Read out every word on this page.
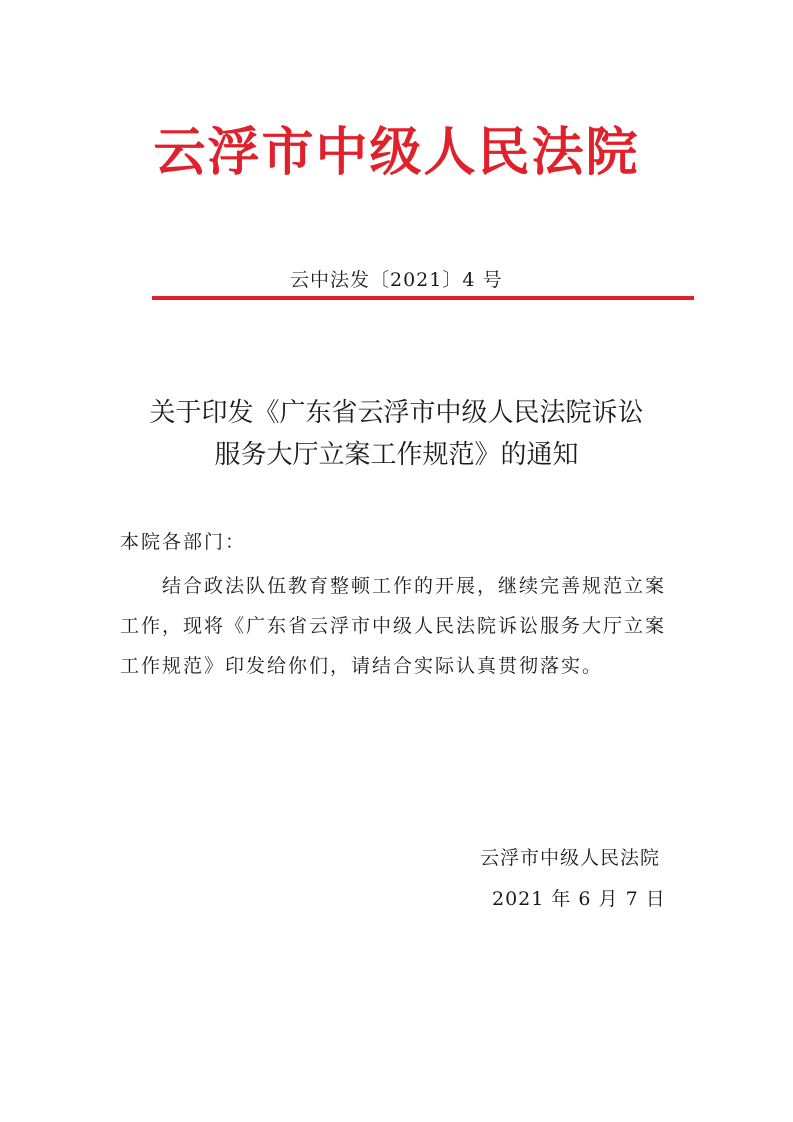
云浮市中级人民法院
云中法发〔2021〕4 号
关于印发《广东省云浮市中级人民法院诉讼
服务大厅立案工作规范》的通知
本院各部门：
结合政法队伍教育整顿工作的开展，继续完善规范立案
工作，现将《广东省云浮市中级人民法院诉讼服务大厅立案
工作规范》印发给你们，请结合实际认真贯彻落实。
云浮市中级人民法院
2021 年 6 月 7 日
